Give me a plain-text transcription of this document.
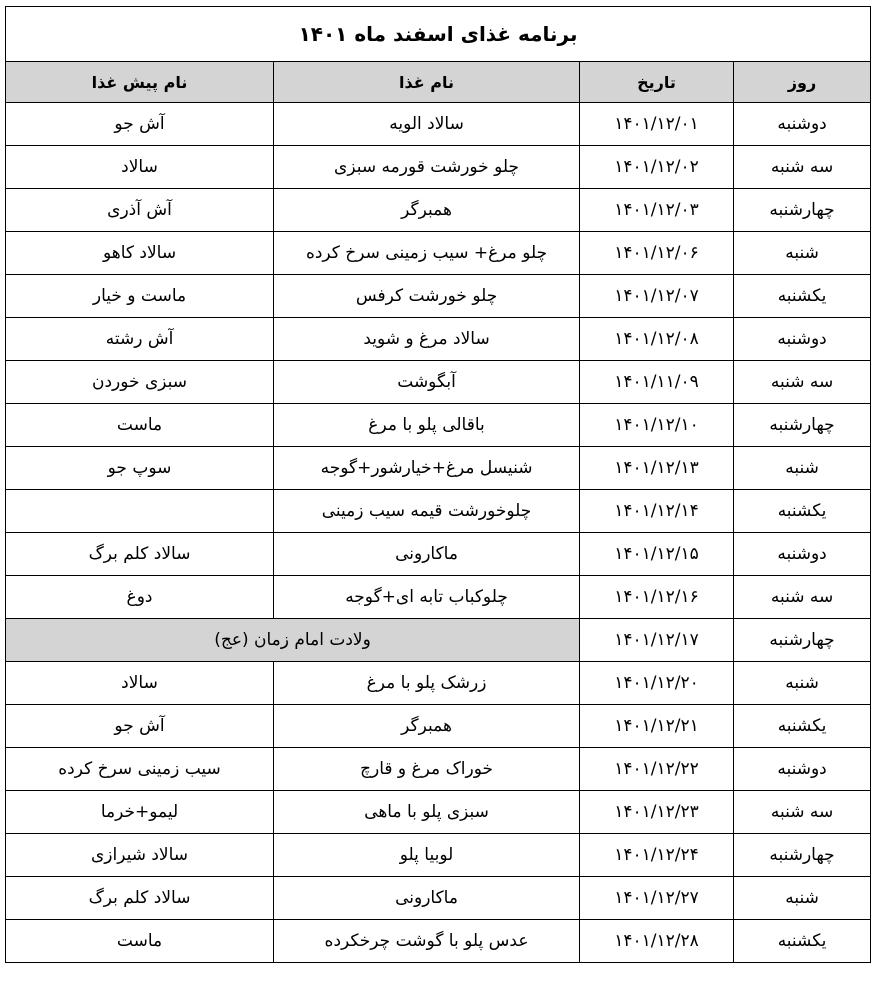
برنامه غذای اسفند ماه ۱۴۰۱			
روز	تاریخ	نام غذا	نام پیش غذا
دوشنبه	۱۴۰۱/۱۲/۰۱	سالاد الویه	آش جو
سه شنبه	۱۴۰۱/۱۲/۰۲	چلو خورشت قورمه سبزی	سالاد
چهارشنبه	۱۴۰۱/۱۲/۰۳	همبرگر	آش آذری
شنبه	۱۴۰۱/۱۲/۰۶	چلو مرغ+ سیب زمینی سرخ کرده	سالاد کاهو
یکشنبه	۱۴۰۱/۱۲/۰۷	چلو خورشت کرفس	ماست و خیار
دوشنبه	۱۴۰۱/۱۲/۰۸	سالاد مرغ و شوید	آش رشته
سه شنبه	۱۴۰۱/۱۱/۰۹	آبگوشت	سبزی خوردن
چهارشنبه	۱۴۰۱/۱۲/۱۰	باقالی پلو با مرغ	ماست
شنبه	۱۴۰۱/۱۲/۱۳	شنیسل مرغ+خیارشور+گوجه	سوپ جو
یکشنبه	۱۴۰۱/۱۲/۱۴	چلوخورشت قیمه سیب زمینی	
دوشنبه	۱۴۰۱/۱۲/۱۵	ماکارونی	سالاد کلم برگ
سه شنبه	۱۴۰۱/۱۲/۱۶	چلوکباب تابه ای+گوجه	دوغ
چهارشنبه	۱۴۰۱/۱۲/۱۷	ولادت امام زمان (عج)	
شنبه	۱۴۰۱/۱۲/۲۰	زرشک پلو با مرغ	سالاد
یکشنبه	۱۴۰۱/۱۲/۲۱	همبرگر	آش جو
دوشنبه	۱۴۰۱/۱۲/۲۲	خوراک مرغ و قارچ	سیب زمینی سرخ کرده
سه شنبه	۱۴۰۱/۱۲/۲۳	سبزی پلو با ماهی	لیمو+خرما
چهارشنبه	۱۴۰۱/۱۲/۲۴	لوبیا پلو	سالاد شیرازی
شنبه	۱۴۰۱/۱۲/۲۷	ماکارونی	سالاد کلم برگ
یکشنبه	۱۴۰۱/۱۲/۲۸	عدس پلو با گوشت چرخکرده	ماست
